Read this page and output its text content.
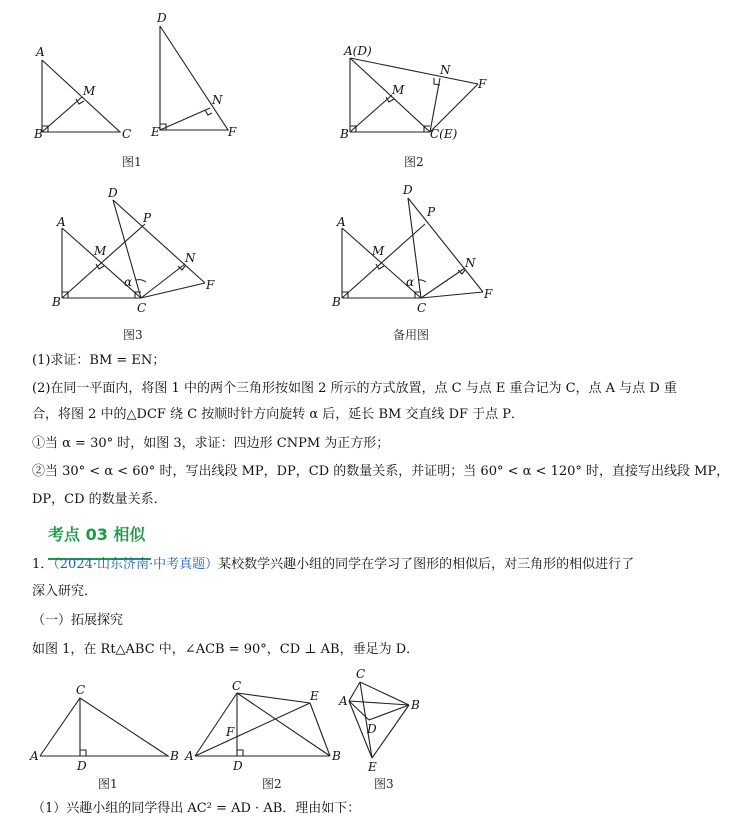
A
M
B	C
D
N
E	F
A(D)
M
N
F
B	C(E)
D
P
A
M	N
α
B	C
F
D
P
A
M
N
α
B	C
F
C
A
D
B
C
E
F
A
D
B
C
A	B
D
E
图1	图2
图3	备用图
图1	图2	图3
(1)求证：BM = EN；
(2)在同一平面内，将图 1 中的两个三角形按如图 2 所示的方式放置，点 C 与点 E 重合记为 C，点 A 与点 D 重
合，将图 2 中的△DCF 绕 C 按顺时针方向旋转 α 后，延长 BM 交直线 DF 于点 P．
①当 α = 30° 时，如图 3，求证：四边形 CNPM 为正方形；
②当 30° < α < 60° 时，写出线段 MP，DP，CD 的数量关系，并证明；当 60° < α < 120° 时，直接写出线段 MP，
DP，CD 的数量关系．
考点 03 相似
1．（2024·山东济南·中考真题）某校数学兴趣小组的同学在学习了图形的相似后，对三角形的相似进行了
深入研究．
（一）拓展探究
如图 1，在 Rt△ABC 中，∠ACB = 90°，CD ⊥ AB，垂足为 D．
（1）兴趣小组的同学得出 AC² = AD · AB．理由如下：
